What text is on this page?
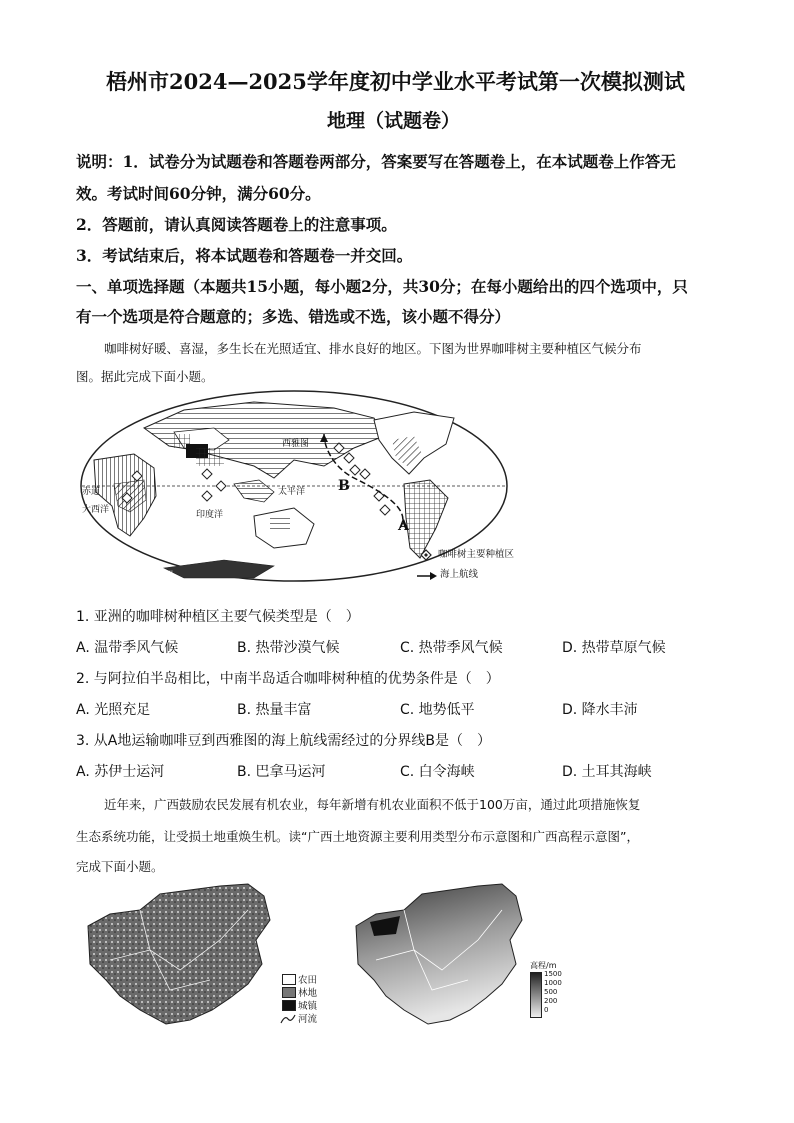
梧州市2024—2025学年度初中学业水平考试第一次模拟测试
地理（试题卷）
说明：1．试卷分为试题卷和答题卷两部分，答案要写在答题卷上，在本试题卷上作答无
效。考试时间60分钟，满分60分。
2．答题前，请认真阅读答题卷上的注意事项。
3．考试结束后，将本试题卷和答题卷一并交回。
一、单项选择题（本题共15小题，每小题2分，共30分；在每小题给出的四个选项中，只
有一个选项是符合题意的；多选、错选或不选，该小题不得分）
咖啡树好暖、喜湿，多生长在光照适宜、排水良好的地区。下图为世界咖啡树主要种植区气候分布
图。据此完成下面小题。
西雅图
太平洋
印度洋
大西洋
赤道	B
A
南极洲
咖啡树主要种植区
海上航线
1. 亚洲的咖啡树种植区主要气候类型是（　）
A. 温带季风气候	B. 热带沙漠气候	C. 热带季风气候	D. 热带草原气候
2. 与阿拉伯半岛相比，中南半岛适合咖啡树种植的优势条件是（　）
A. 光照充足	B. 热量丰富	C. 地势低平	D. 降水丰沛
3. 从A地运输咖啡豆到西雅图的海上航线需经过的分界线B是（　）
A. 苏伊士运河	B. 巴拿马运河	C. 白令海峡	D. 土耳其海峡
近年来，广西鼓励农民发展有机农业，每年新增有机农业面积不低于100万亩，通过此项措施恢复
生态系统功能，让受损土地重焕生机。读“广西土地资源主要利用类型分布示意图和广西高程示意图”，
完成下面小题。
农田
林地
城镇
河流
高程/m
1500
1000
500
200
0
